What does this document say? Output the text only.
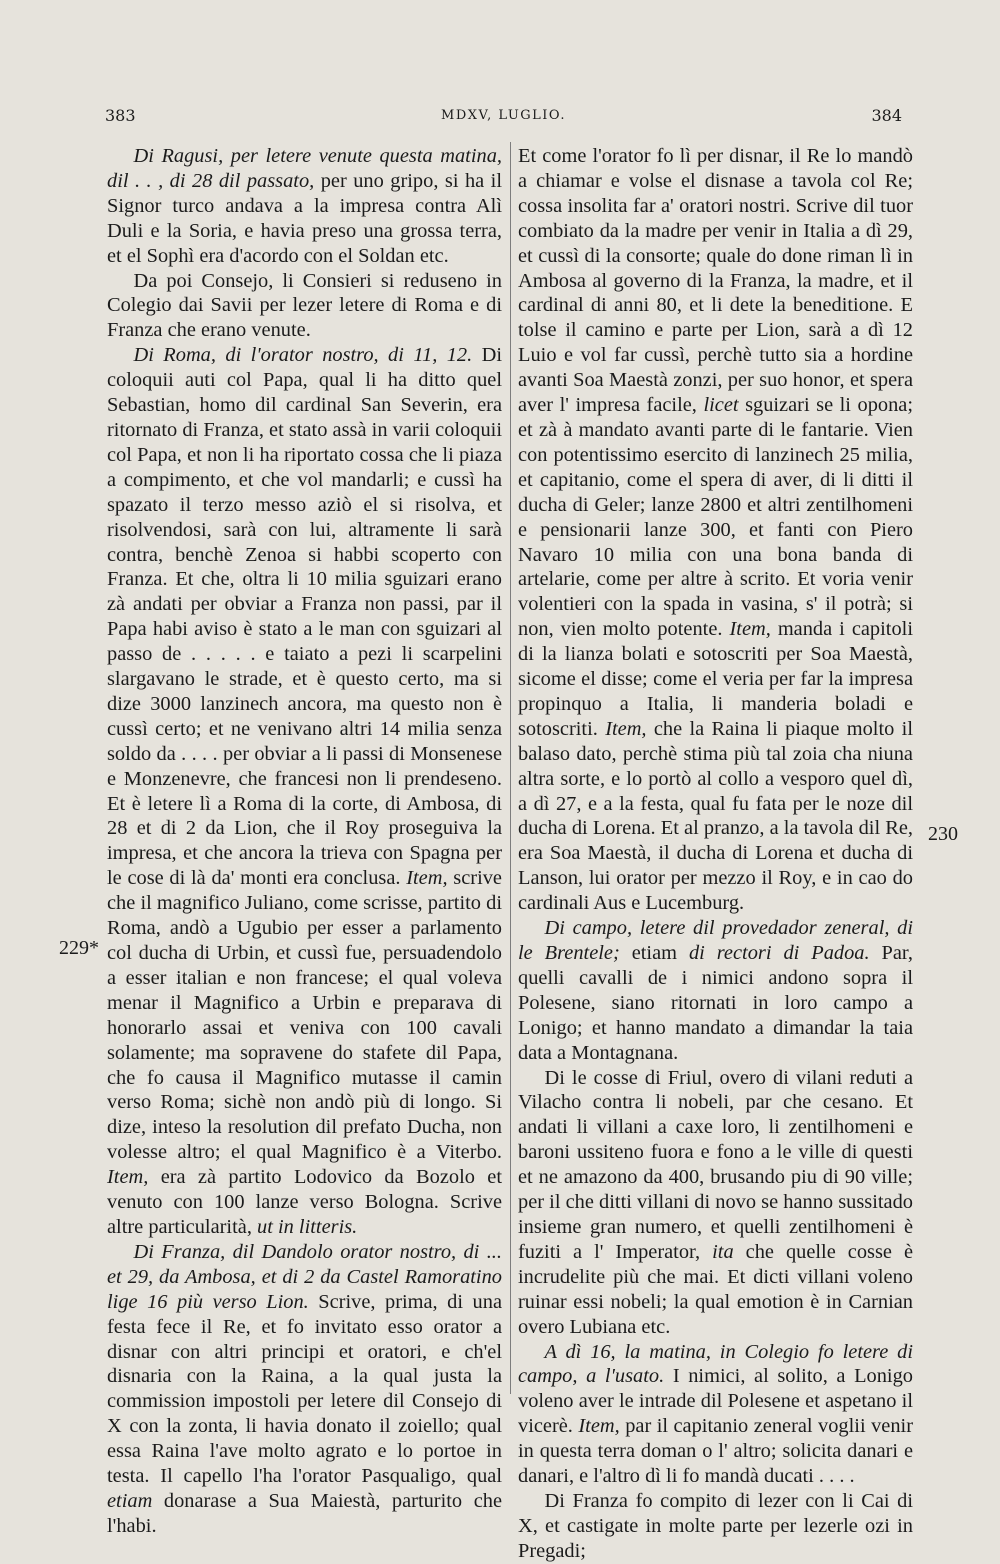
383	MDXV, LUGLIO.	384
229*
230

Di Ragusi, per letere venute questa matina, dil . . , di 28 dil passato, per uno gripo, si ha il Signor turco andava a la impresa contra Alì Duli e la Soria, e havia preso una grossa terra, et el Sophì era d'acordo con el Soldan etc.

Da poi Consejo, li Consieri si reduseno in Colegio dai Savii per lezer letere di Roma e di Franza che erano venute.

Di Roma, di l'orator nostro, di 11, 12. Di coloquii auti col Papa, qual li ha ditto quel Sebastian, homo dil cardinal San Severin, era ritornato di Franza, et stato assà in varii coloquii col Papa, et non li ha riportato cossa che li piaza a compimento, et che vol mandarli; e cussì ha spazato il terzo messo aziò el si risolva, et risolvendosi, sarà con lui, altramente li sarà contra, benchè Zenoa si habbi scoperto con Franza. Et che, oltra li 10 milia sguizari erano zà andati per obviar a Franza non passi, par il Papa habi aviso è stato a le man con sguizari al passo de . . . . . e taiato a pezi li scarpelini slargavano le strade, et è questo certo, ma si dize 3000 lanzinech ancora, ma questo non è cussì certo; et ne venivano altri 14 milia senza soldo da . . . . per obviar a li passi di Monsenese e Monzenevre, che francesi non li prendeseno. Et è letere lì a Roma di la corte, di Ambosa, di 28 et di 2 da Lion, che il Roy proseguiva la impresa, et che ancora la trieva con Spagna per le cose di là da' monti era conclusa. Item, scrive che il magnifico Juliano, come scrisse, partito di Roma, andò a Ugubio per esser a parlamento col ducha di Urbin, et cussì fue, persuadendolo a esser italian e non francese; el qual voleva menar il Magnifico a Urbin e preparava di honorarlo assai et veniva con 100 cavali solamente; ma sopravene do stafete dil Papa, che fo causa il Magnifico mutasse il camin verso Roma; sichè non andò più di longo. Si dize, inteso la resolution dil prefato Ducha, non volesse altro; el qual Magnifico è a Viterbo. Item, era zà partito Lodovico da Bozolo et venuto con 100 lanze verso Bologna. Scrive altre particularità, ut in litteris.

Di Franza, dil Dandolo orator nostro, di ... et 29, da Ambosa, et di 2 da Castel Ramoratino lige 16 più verso Lion. Scrive, prima, di una festa fece il Re, et fo invitato esso orator a disnar con altri principi et oratori, e ch'el disnaria con la Raina, a la qual justa la commission impostoli per letere dil Consejo di X con la zonta, li havia donato il zoiello; qual essa Raina l'ave molto agrato e lo portoe in testa. Il capello l'ha l'orator Pasqualigo, qual etiam donarase a Sua Maiestà, parturito che l'habi.

Et come l'orator fo lì per disnar, il Re lo mandò a chiamar e volse el disnase a tavola col Re; cossa insolita far a' oratori nostri. Scrive dil tuor combiato da la madre per venir in Italia a dì 29, et cussì di la consorte; quale do done riman lì in Ambosa al governo di la Franza, la madre, et il cardinal di anni 80, et li dete la beneditione. E tolse il camino e parte per Lion, sarà a dì 12 Luio e vol far cussì, perchè tutto sia a hordine avanti Soa Maestà zonzi, per suo honor, et spera aver l' impresa facile, licet sguizari se li opona; et zà à mandato avanti parte di le fantarie. Vien con potentissimo esercito di lanzinech 25 milia, et capitanio, come el spera di aver, di li ditti il ducha di Geler; lanze 2800 et altri zentilhomeni e pensionarii lanze 300, et fanti con Piero Navaro 10 milia con una bona banda di artelarie, come per altre à scrito. Et voria venir volentieri con la spada in vasina, s' il potrà; si non, vien molto potente. Item, manda i capitoli di la lianza bolati e sotoscriti per Soa Maestà, sicome el disse; come el veria per far la impresa propinquo a Italia, li manderia boladi e sotoscriti. Item, che la Raina li piaque molto il balaso dato, perchè stima più tal zoia cha niuna altra sorte, e lo portò al collo a vesporo quel dì, a dì 27, e a la festa, qual fu fata per le noze dil ducha di Lorena. Et al pranzo, a la tavola dil Re, era Soa Maestà, il ducha di Lorena et ducha di Lanson, lui orator per mezzo il Roy, e in cao do cardinali Aus e Lucemburg.

Di campo, letere dil provedador zeneral, di le Brentele; etiam di rectori di Padoa. Par, quelli cavalli de i nimici andono sopra il Polesene, siano ritornati in loro campo a Lonigo; et hanno mandato a dimandar la taia data a Montagnana.

Di le cosse di Friul, overo di vilani reduti a Vilacho contra li nobeli, par che cesano. Et andati li villani a caxe loro, li zentilhomeni e baroni ussiteno fuora e fono a le ville di questi et ne amazono da 400, brusando piu di 90 ville; per il che ditti villani di novo se hanno sussitado insieme gran numero, et quelli zentilhomeni è fuziti a l' Imperator, ita che quelle cosse è incrudelite più che mai. Et dicti villani voleno ruinar essi nobeli; la qual emotion è in Carnian overo Lubiana etc.

A dì 16, la matina, in Colegio fo letere di campo, a l'usato. I nimici, al solito, a Lonigo voleno aver le intrade dil Polesene et aspetano il vicerè. Item, par il capitanio zeneral voglii venir in questa terra doman o l' altro; solicita danari e danari, e l'altro dì li fo mandà ducati . . . .

Di Franza fo compito di lezer con li Cai di X, et castigate in molte parte per lezerle ozi in Pregadi;
